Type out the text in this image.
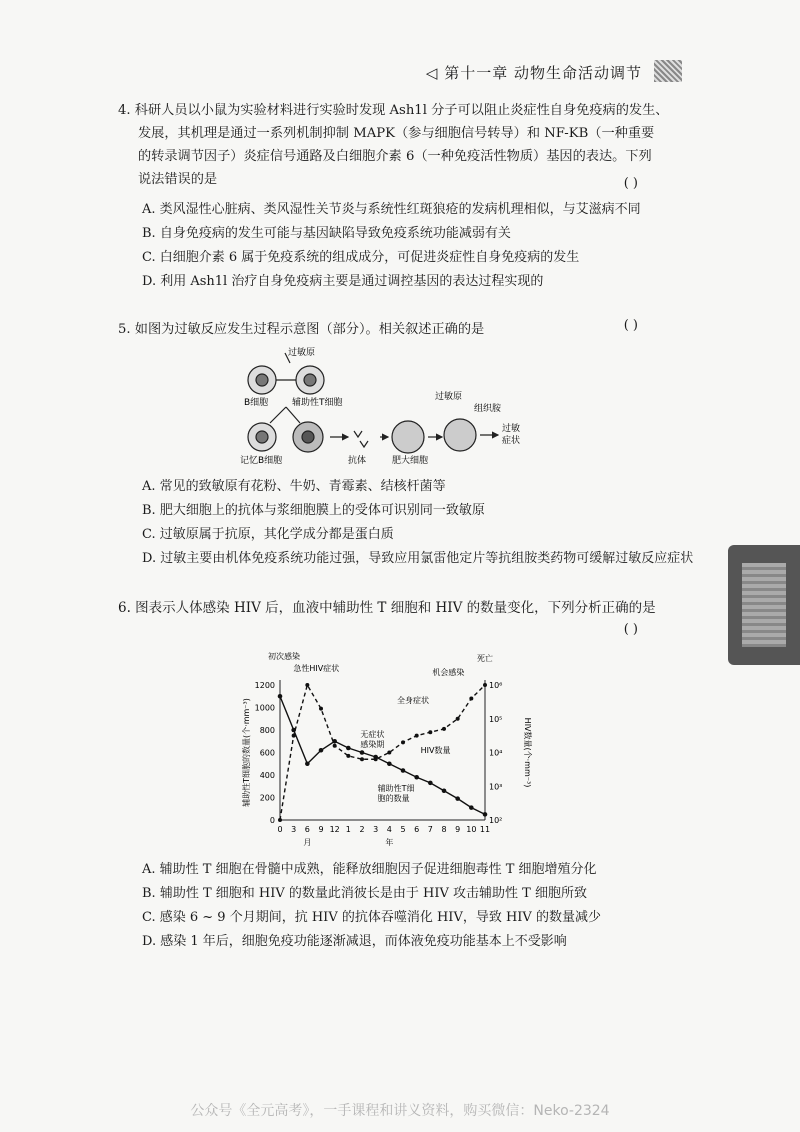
◁ 第十一章 动物生命活动调节
4. 科研人员以小鼠为实验材料进行实验时发现 Ash1l 分子可以阻止炎症性自身免疫病的发生、
发展，其机理是通过一系列机制抑制 MAPK（参与细胞信号转导）和 NF-KB（一种重要
的转录调节因子）炎症信号通路及白细胞介素 6（一种免疫活性物质）基因的表达。下列
说法错误的是	( )
A. 类风湿性心脏病、类风湿性关节炎与系统性红斑狼疮的发病机理相似，与艾滋病不同
B. 自身免疫病的发生可能与基因缺陷导致免疫系统功能减弱有关
C. 白细胞介素 6 属于免疫系统的组成成分，可促进炎症性自身免疫病的发生
D. 利用 Ash1l 治疗自身免疫病主要是通过调控基因的表达过程实现的
5. 如图为过敏反应发生过程示意图（部分）。相关叙述正确的是	( )
过敏原
B细胞	辅助性T细胞
记忆B细胞	抗体	肥大细胞
过敏原
组织胺
过敏
症状
A. 常见的致敏原有花粉、牛奶、青霉素、结核杆菌等
B. 肥大细胞上的抗体与浆细胞膜上的受体可识别同一致敏原
C. 过敏原属于抗原，其化学成分都是蛋白质
D. 过敏主要由机体免疫系统功能过强，导致应用氯雷他定片等抗组胺类药物可缓解过敏反应症状
6. 图表示人体感染 HIV 后，血液中辅助性 T 细胞和 HIV 的数量变化，下列分析正确的是
( )
0
200
400
600
800
1000
1200
10²
10³
10⁴
10⁵
10⁶
0 3 6 9 12 1 2 3 4 5 6 7 8 9 10 11
月	年
辅助性T细胞的数量(个·mm⁻³)	HIV数量(个·mm⁻³)
初次感染
急性HIV症状
无症状
感染期
全身症状
机会感染
死亡
HIV数量
辅助性T细
胞的数量
A. 辅助性 T 细胞在骨髓中成熟，能释放细胞因子促进细胞毒性 T 细胞增殖分化
B. 辅助性 T 细胞和 HIV 的数量此消彼长是由于 HIV 攻击辅助性 T 细胞所致
C. 感染 6 ~ 9 个月期间，抗 HIV 的抗体吞噬消化 HIV，导致 HIV 的数量减少
D. 感染 1 年后，细胞免疫功能逐渐减退，而体液免疫功能基本上不受影响
公众号《全元高考》，一手课程和讲义资料，购买微信：Neko-2324
